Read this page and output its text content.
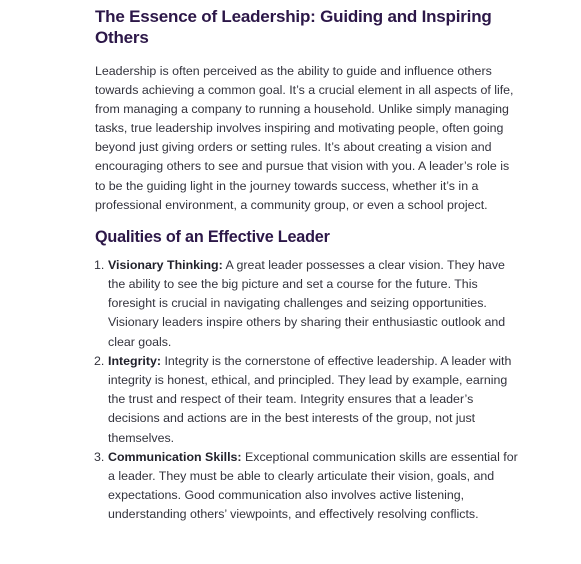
The Essence of Leadership: Guiding and Inspiring Others

Leadership is often perceived as the ability to guide and influence others towards achieving a common goal. It’s a crucial element in all aspects of life, from managing a company to running a household. Unlike simply managing tasks, true leadership involves inspiring and motivating people, often going beyond just giving orders or setting rules. It’s about creating a vision and encouraging others to see and pursue that vision with you. A leader’s role is to be the guiding light in the journey towards success, whether it’s in a professional environment, a community group, or even a school project.

Qualities of an Effective Leader
1. Visionary Thinking: A great leader possesses a clear vision. They have the ability to see the big picture and set a course for the future. This foresight is crucial in navigating challenges and seizing opportunities. Visionary leaders inspire others by sharing their enthusiastic outlook and clear goals.
2. Integrity: Integrity is the cornerstone of effective leadership. A leader with integrity is honest, ethical, and principled. They lead by example, earning the trust and respect of their team. Integrity ensures that a leader’s decisions and actions are in the best interests of the group, not just themselves.
3. Communication Skills: Exceptional communication skills are essential for a leader. They must be able to clearly articulate their vision, goals, and expectations. Good communication also involves active listening, understanding others’ viewpoints, and effectively resolving conflicts.
